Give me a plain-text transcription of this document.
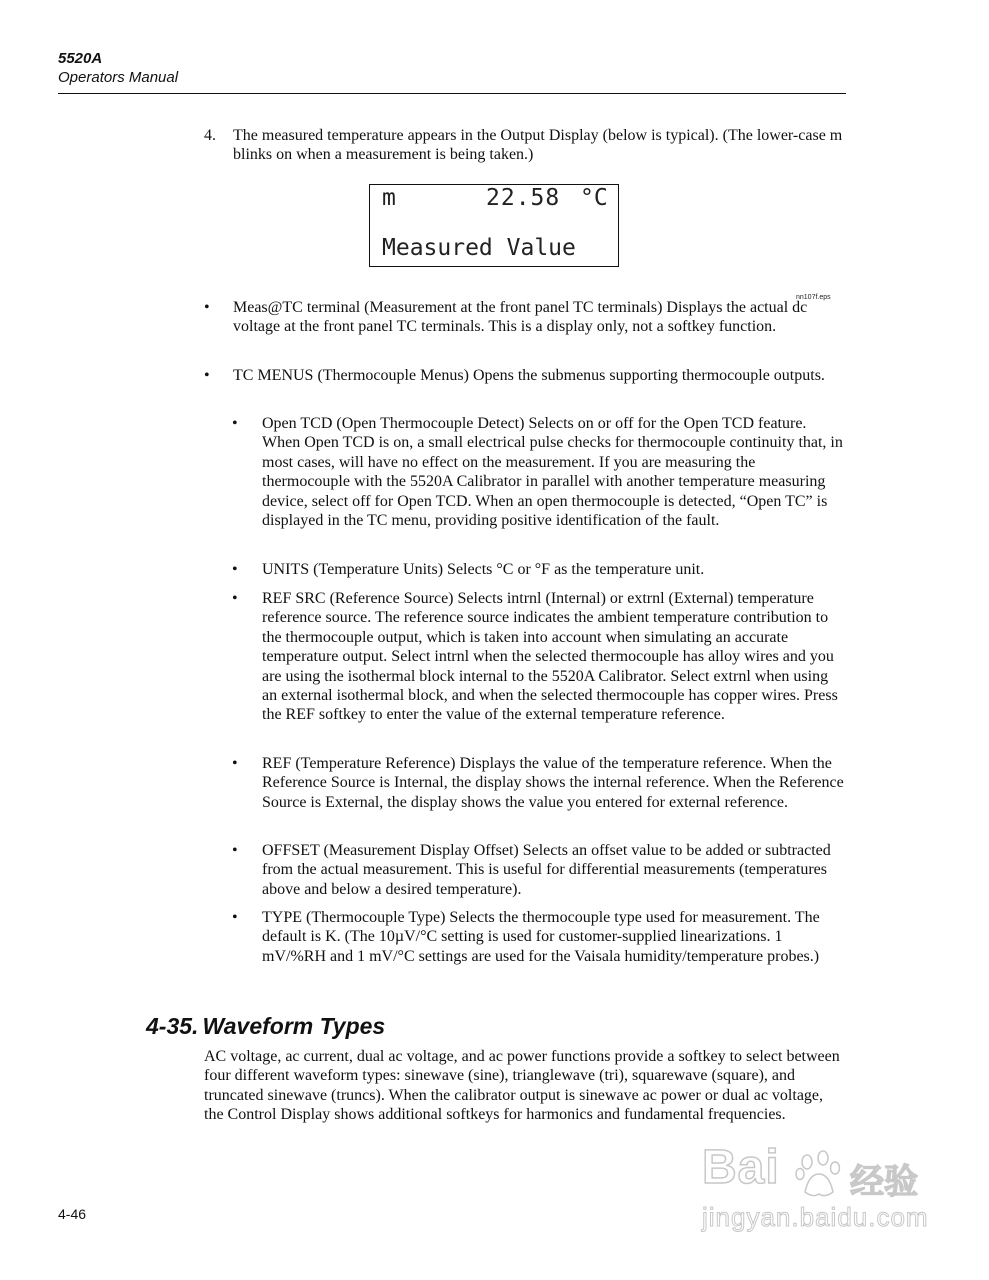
5520A
Operators Manual

4. The measured temperature appears in the Output Display (below is typical). (The lower-case m blinks on when a measurement is being taken.)

m	22.58 °C
Measured Value
nn107f.eps

• Meas@TC terminal (Measurement at the front panel TC terminals) Displays the actual dc voltage at the front panel TC terminals. This is a display only, not a softkey function.

• TC MENUS (Thermocouple Menus) Opens the submenus supporting thermocouple outputs.

• Open TCD (Open Thermocouple Detect) Selects on or off for the Open TCD feature. When Open TCD is on, a small electrical pulse checks for thermocouple continuity that, in most cases, will have no effect on the measurement. If you are measuring the thermocouple with the 5520A Calibrator in parallel with another temperature measuring device, select off for Open TCD. When an open thermocouple is detected, “Open TC” is displayed in the TC menu, providing positive identification of the fault.

• UNITS (Temperature Units) Selects °C or °F as the temperature unit.

• REF SRC (Reference Source) Selects intrnl (Internal) or extrnl (External) temperature reference source. The reference source indicates the ambient temperature contribution to the thermocouple output, which is taken into account when simulating an accurate temperature output. Select intrnl when the selected thermocouple has alloy wires and you are using the isothermal block internal to the 5520A Calibrator. Select extrnl when using an external isothermal block, and when the selected thermocouple has copper wires. Press the REF softkey to enter the value of the external temperature reference.

• REF (Temperature Reference) Displays the value of the temperature reference. When the Reference Source is Internal, the display shows the internal reference. When the Reference Source is External, the display shows the value you entered for external reference.

• OFFSET (Measurement Display Offset) Selects an offset value to be added or subtracted from the actual measurement. This is useful for differential measurements (temperatures above and below a desired temperature).

• TYPE (Thermocouple Type) Selects the thermocouple type used for measurement. The default is K. (The 10µV/°C setting is used for customer-supplied linearizations. 1 mV/%RH and 1 mV/°C settings are used for the Vaisala humidity/temperature probes.)

4-35. Waveform Types

AC voltage, ac current, dual ac voltage, and ac power functions provide a softkey to select between four different waveform types: sinewave (sine), trianglewave (tri), squarewave (square), and truncated sinewave (truncs). When the calibrator output is sinewave ac power or dual ac voltage, the Control Display shows additional softkeys for harmonics and fundamental frequencies.

4-46
Bai 经验
jingyan.baidu.com
